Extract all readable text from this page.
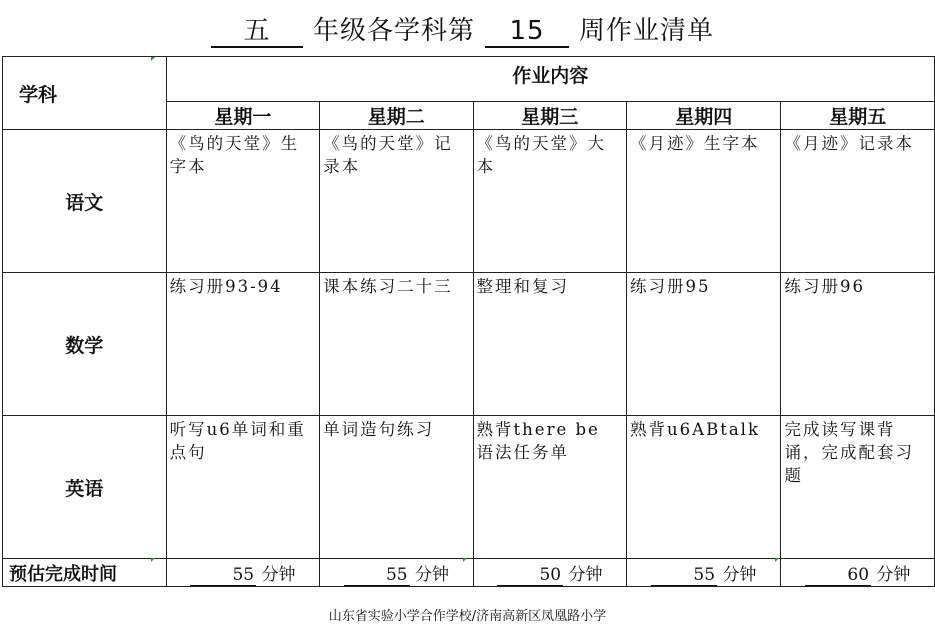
五 年级各学科第 15 周作业清单
学科	作业内容				
	星期一	星期二	星期三	星期四	星期五
语文	《鸟的天堂》生字本	《鸟的天堂》记录本	《鸟的天堂》大本	《月迹》生字本	《月迹》记录本
数学	练习册93-94	课本练习二十三	整理和复习	练习册95	练习册96
英语	听写u6单词和重点句	单词造句练习	熟背there be 语法任务单	熟背u6ABtalk	完成读写课背诵，完成配套习题
预估完成时间	55 分钟	55 分钟	50 分钟	55 分钟	60 分钟
山东省实验小学合作学校/济南高新区凤凰路小学
